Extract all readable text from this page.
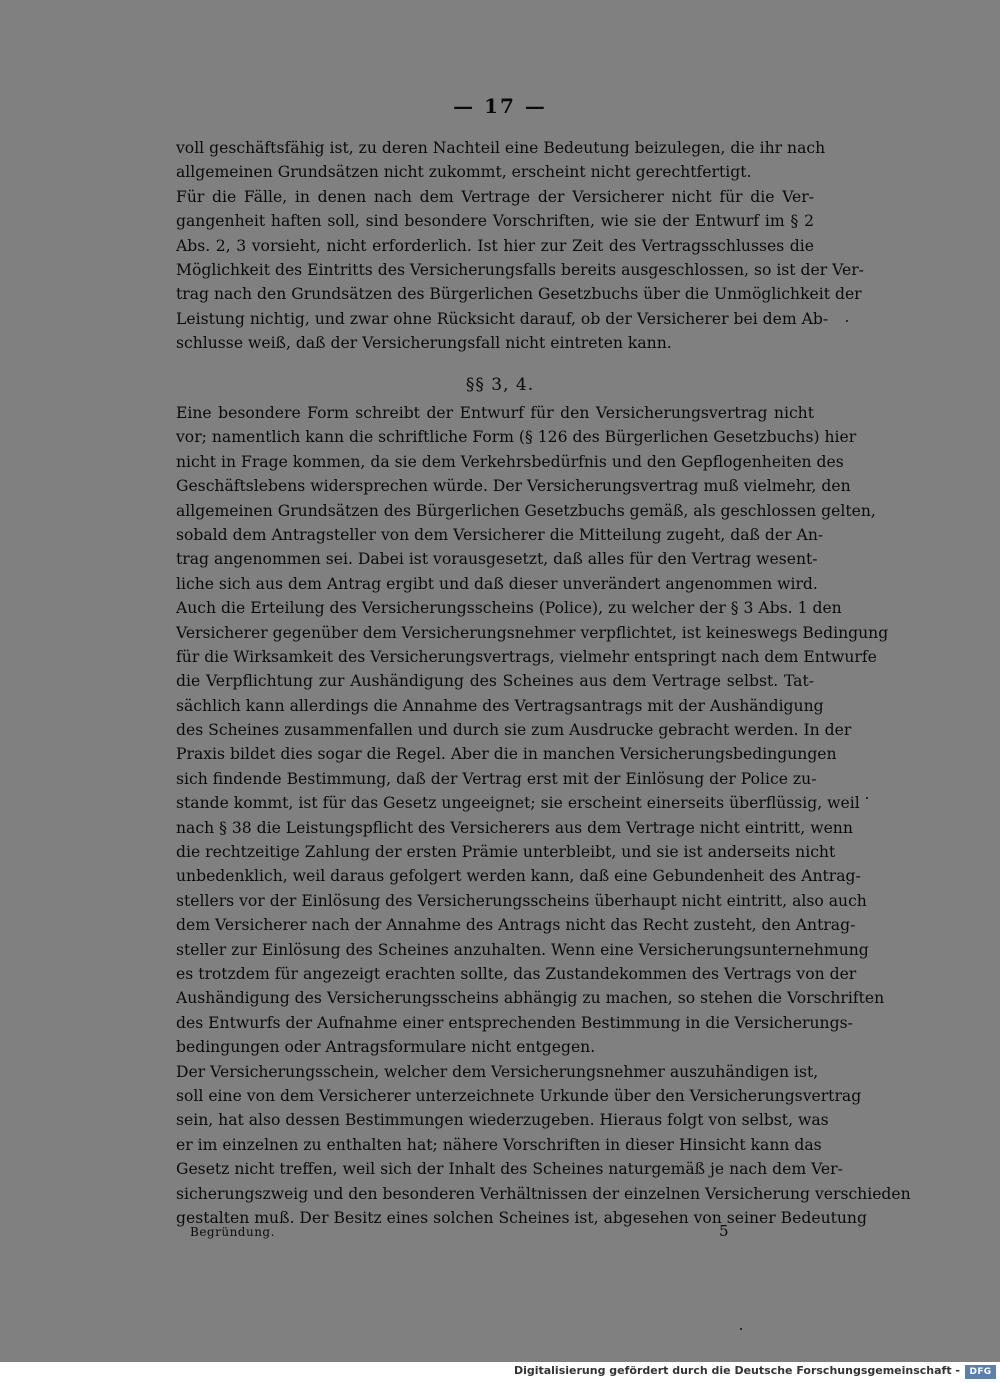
— 17 —
voll geschäftsfähig ist, zu deren Nachteil eine Bedeutung beizulegen, die ihr nach
allgemeinen Grundsätzen nicht zukommt, erscheint nicht gerechtfertigt.
Für die Fälle, in denen nach dem Vertrage der Versicherer nicht für die Ver-
gangenheit haften soll, sind besondere Vorschriften, wie sie der Entwurf im § 2
Abs. 2, 3 vorsieht, nicht erforderlich. Ist hier zur Zeit des Vertragsschlusses die
Möglichkeit des Eintritts des Versicherungsfalls bereits ausgeschlossen, so ist der Ver-
trag nach den Grundsätzen des Bürgerlichen Gesetzbuchs über die Unmöglichkeit der
Leistung nichtig, und zwar ohne Rücksicht darauf, ob der Versicherer bei dem Ab-
schlusse weiß, daß der Versicherungsfall nicht eintreten kann.
§§ 3, 4.
Eine besondere Form schreibt der Entwurf für den Versicherungsvertrag nicht
vor; namentlich kann die schriftliche Form (§ 126 des Bürgerlichen Gesetzbuchs) hier
nicht in Frage kommen, da sie dem Verkehrsbedürfnis und den Gepflogenheiten des
Geschäftslebens widersprechen würde. Der Versicherungsvertrag muß vielmehr, den
allgemeinen Grundsätzen des Bürgerlichen Gesetzbuchs gemäß, als geschlossen gelten,
sobald dem Antragsteller von dem Versicherer die Mitteilung zugeht, daß der An-
trag angenommen sei. Dabei ist vorausgesetzt, daß alles für den Vertrag wesent-
liche sich aus dem Antrag ergibt und daß dieser unverändert angenommen wird.
Auch die Erteilung des Versicherungsscheins (Police), zu welcher der § 3 Abs. 1 den
Versicherer gegenüber dem Versicherungsnehmer verpflichtet, ist keineswegs Bedingung
für die Wirksamkeit des Versicherungsvertrags, vielmehr entspringt nach dem Entwurfe
die Verpflichtung zur Aushändigung des Scheines aus dem Vertrage selbst. Tat-
sächlich kann allerdings die Annahme des Vertragsantrags mit der Aushändigung
des Scheines zusammenfallen und durch sie zum Ausdrucke gebracht werden. In der
Praxis bildet dies sogar die Regel. Aber die in manchen Versicherungsbedingungen
sich findende Bestimmung, daß der Vertrag erst mit der Einlösung der Police zu-
stande kommt, ist für das Gesetz ungeeignet; sie erscheint einerseits überflüssig, weil
nach § 38 die Leistungspflicht des Versicherers aus dem Vertrage nicht eintritt, wenn
die rechtzeitige Zahlung der ersten Prämie unterbleibt, und sie ist anderseits nicht
unbedenklich, weil daraus gefolgert werden kann, daß eine Gebundenheit des Antrag-
stellers vor der Einlösung des Versicherungsscheins überhaupt nicht eintritt, also auch
dem Versicherer nach der Annahme des Antrags nicht das Recht zusteht, den Antrag-
steller zur Einlösung des Scheines anzuhalten. Wenn eine Versicherungsunternehmung
es trotzdem für angezeigt erachten sollte, das Zustandekommen des Vertrags von der
Aushändigung des Versicherungsscheins abhängig zu machen, so stehen die Vorschriften
des Entwurfs der Aufnahme einer entsprechenden Bestimmung in die Versicherungs-
bedingungen oder Antragsformulare nicht entgegen.
Der Versicherungsschein, welcher dem Versicherungsnehmer auszuhändigen ist,
soll eine von dem Versicherer unterzeichnete Urkunde über den Versicherungsvertrag
sein, hat also dessen Bestimmungen wiederzugeben. Hieraus folgt von selbst, was
er im einzelnen zu enthalten hat; nähere Vorschriften in dieser Hinsicht kann das
Gesetz nicht treffen, weil sich der Inhalt des Scheines naturgemäß je nach dem Ver-
sicherungszweig und den besonderen Verhältnissen der einzelnen Versicherung verschieden
gestalten muß. Der Besitz eines solchen Scheines ist, abgesehen von seiner Bedeutung
Begründung.	5
Digitalisierung gefördert durch die Deutsche Forschungsgemeinschaft -	DFG
